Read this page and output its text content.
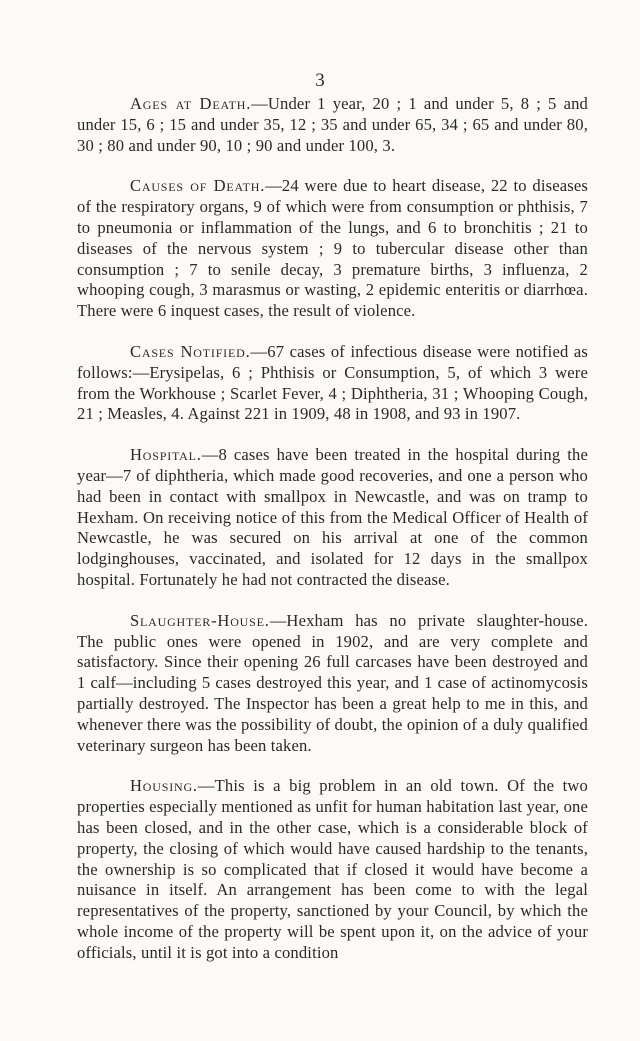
3

Ages at Death.—Under 1 year, 20 ; 1 and under 5, 8 ; 5 and under 15, 6 ; 15 and under 35, 12 ; 35 and under 65, 34 ; 65 and under 80, 30 ; 80 and under 90, 10 ; 90 and under 100, 3.

Causes of Death.—24 were due to heart disease, 22 to diseases of the respiratory organs, 9 of which were from consumption or phthisis, 7 to pneumonia or inflammation of the lungs, and 6 to bronchitis ; 21 to diseases of the nervous system ; 9 to tubercular disease other than consumption ; 7 to senile decay, 3 premature births, 3 influenza, 2 whooping cough, 3 marasmus or wasting, 2 epidemic enteritis or diarrhœa. There were 6 inquest cases, the result of violence.

Cases Notified.—67 cases of infectious disease were notified as follows:—Erysipelas, 6 ; Phthisis or Consumption, 5, of which 3 were from the Workhouse ; Scarlet Fever, 4 ; Diphtheria, 31 ; Whooping Cough, 21 ; Measles, 4. Against 221 in 1909, 48 in 1908, and 93 in 1907.

Hospital.—8 cases have been treated in the hospital during the year—7 of diphtheria, which made good recoveries, and one a person who had been in contact with smallpox in Newcastle, and was on tramp to Hexham. On receiving notice of this from the Medical Officer of Health of Newcastle, he was secured on his arrival at one of the common lodginghouses, vaccinated, and isolated for 12 days in the smallpox hospital. Fortunately he had not contracted the disease.

Slaughter-House.—Hexham has no private slaughter-house. The public ones were opened in 1902, and are very complete and satisfactory. Since their opening 26 full carcases have been destroyed and 1 calf—including 5 cases destroyed this year, and 1 case of actinomycosis partially destroyed. The Inspector has been a great help to me in this, and whenever there was the possibility of doubt, the opinion of a duly qualified veterinary surgeon has been taken.

Housing.—This is a big problem in an old town. Of the two properties especially mentioned as unfit for human habitation last year, one has been closed, and in the other case, which is a considerable block of property, the closing of which would have caused hardship to the tenants, the ownership is so complicated that if closed it would have become a nuisance in itself. An arrangement has been come to with the legal representatives of the property, sanctioned by your Council, by which the whole income of the property will be spent upon it, on the advice of your officials, until it is got into a condition
